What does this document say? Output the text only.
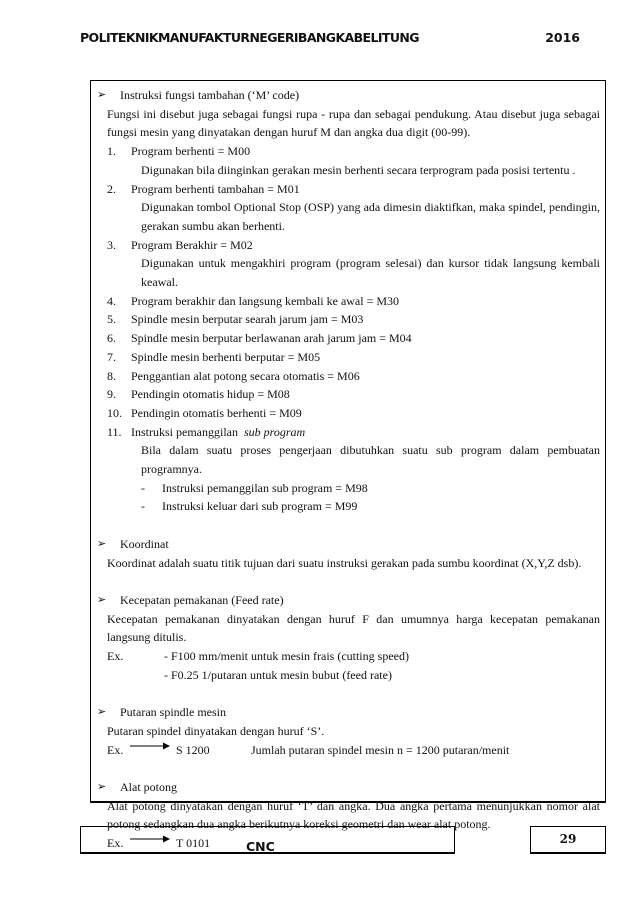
POLITEKNIKMANUFAKTURNEGERIBANGKABELITUNG	2016
➢	Instruksi fungsi tambahan (‘M’ code)
Fungsi ini disebut juga sebagai fungsi rupa - rupa dan sebagai pendukung. Atau disebut juga sebagai fungsi mesin yang dinyatakan dengan huruf M dan angka dua digit (00-99).
1.	Program berhenti = M00
Digunakan bila diinginkan gerakan mesin berhenti secara terprogram pada posisi tertentu .
2.	Program berhenti tambahan = M01
Digunakan tombol Optional Stop (OSP) yang ada dimesin diaktifkan, maka spindel, pendingin, gerakan sumbu akan berhenti.
3.	Program Berakhir = M02
Digunakan untuk mengakhiri program (program selesai) dan kursor tidak langsung kembali keawal.
4.	Program berakhir dan langsung kembali ke awal = M30
5.	Spindle mesin berputar searah jarum jam = M03
6.	Spindle mesin berputar berlawanan arah jarum jam = M04
7.	Spindle mesin berhenti berputar = M05
8.	Penggantian alat potong secara otomatis = M06
9.	Pendingin otomatis hidup = M08
10. Pendingin otomatis berhenti = M09
11. Instruksi pemanggilan sub program
Bila dalam suatu proses pengerjaan dibutuhkan suatu sub program dalam pembuatan programnya.
-	Instruksi pemanggilan sub program = M98
-	Instruksi keluar dari sub program = M99
➢	Koordinat
Koordinat adalah suatu titik tujuan dari suatu instruksi gerakan pada sumbu koordinat (X,Y,Z dsb).
➢	Kecepatan pemakanan (Feed rate)
Kecepatan pemakanan dinyatakan dengan huruf F dan umumnya harga kecepatan pemakanan langsung ditulis.
Ex.	- F100 mm/menit untuk mesin frais (cutting speed)
- F0.25 1/putaran untuk mesin bubut (feed rate)
➢	Putaran spindle mesin
Putaran spindel dinyatakan dengan huruf ‘S’.
Ex.	S 1200	Jumlah putaran spindel mesin n = 1200 putaran/menit
➢	Alat potong
Alat potong dinyatakan dengan huruf ‘T’ dan angka. Dua angka pertama menunjukkan nomor alat potong sedangkan dua angka berikutnya koreksi geometri dan wear alat potong.
Ex.	T 0101	CNC	29
